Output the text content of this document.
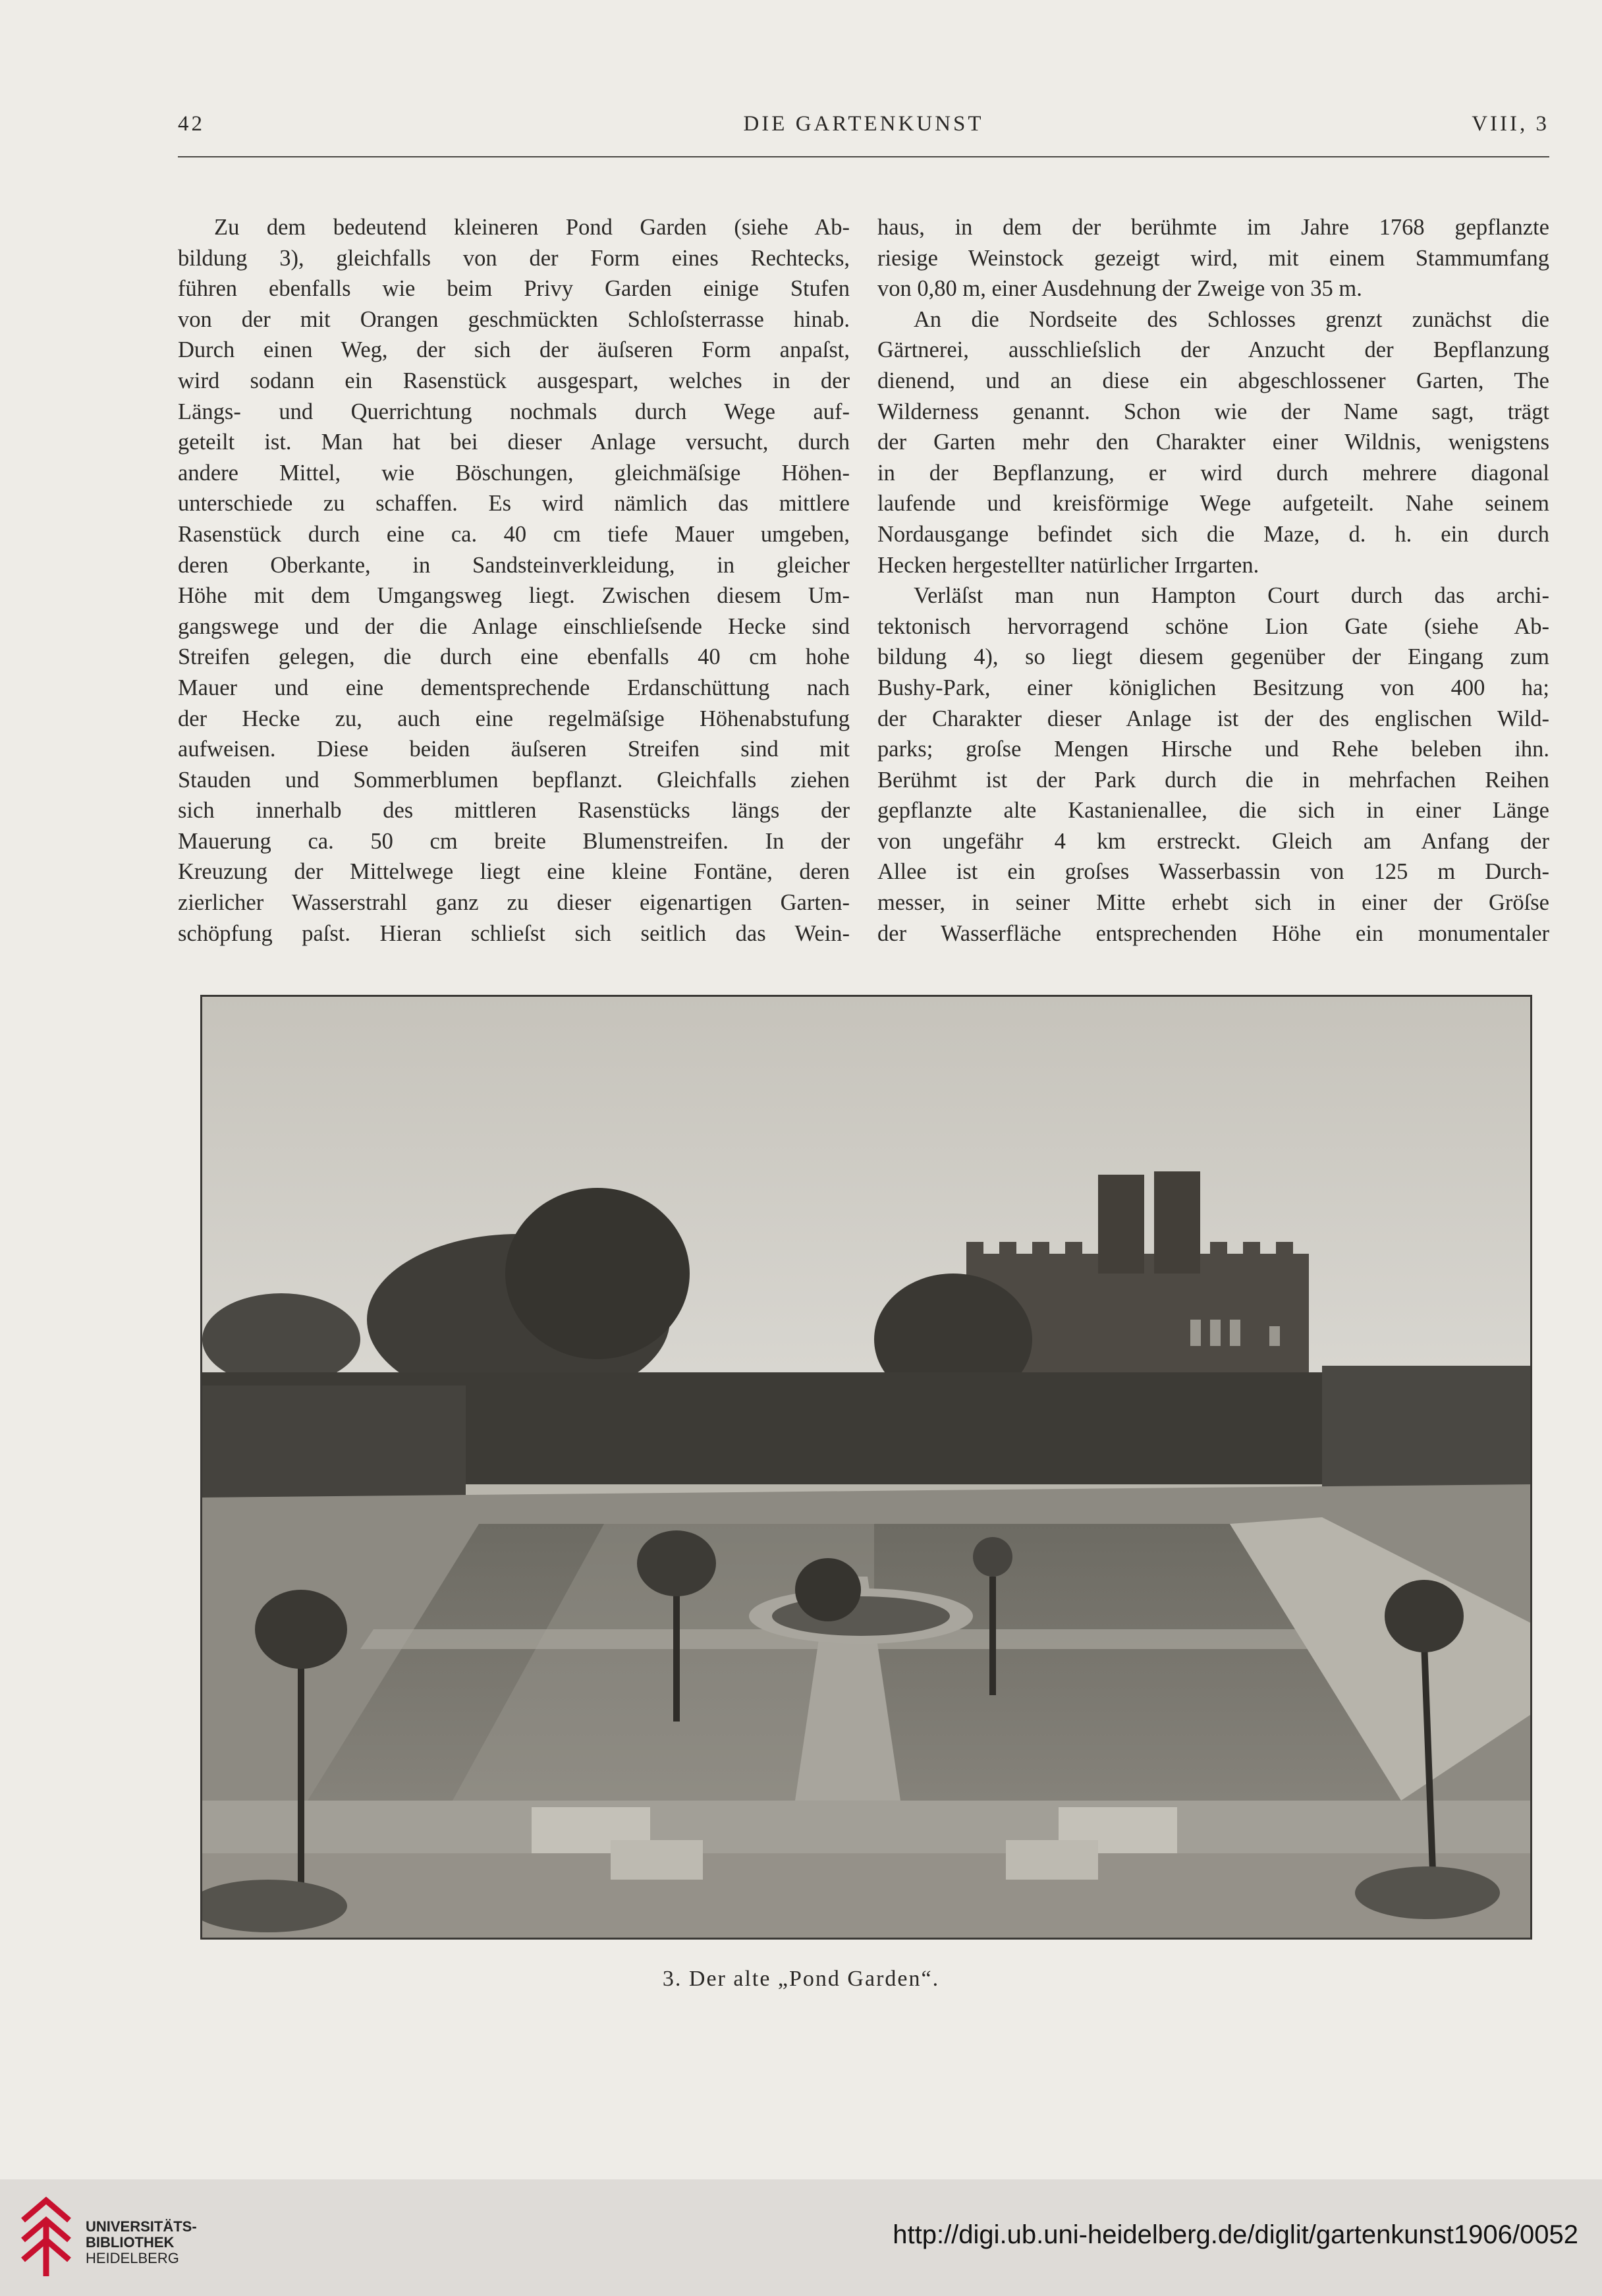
42	DIE GARTENKUNST	VIII, 3
Zu dem bedeutend kleineren Pond Garden (siehe Ab-
bildung 3), gleichfalls von der Form eines Rechtecks,
führen ebenfalls wie beim Privy Garden einige Stufen
von der mit Orangen geschmückten Schloſsterrasse hinab.
Durch einen Weg, der sich der äuſseren Form anpaſst,
wird sodann ein Rasenstück ausgespart, welches in der
Längs- und Querrichtung nochmals durch Wege auf-
geteilt ist. Man hat bei dieser Anlage versucht, durch
andere Mittel, wie Böschungen, gleichmäſsige Höhen-
unterschiede zu schaffen. Es wird nämlich das mittlere
Rasenstück durch eine ca. 40 cm tiefe Mauer umgeben,
deren Oberkante, in Sandsteinverkleidung, in gleicher
Höhe mit dem Umgangsweg liegt. Zwischen diesem Um-
gangswege und der die Anlage einschlieſsende Hecke sind
Streifen gelegen, die durch eine ebenfalls 40 cm hohe
Mauer und eine dementsprechende Erdanschüttung nach
der Hecke zu, auch eine regelmäſsige Höhenabstufung
aufweisen. Diese beiden äuſseren Streifen sind mit
Stauden und Sommerblumen bepflanzt. Gleichfalls ziehen
sich innerhalb des mittleren Rasenstücks längs der
Mauerung ca. 50 cm breite Blumenstreifen. In der
Kreuzung der Mittelwege liegt eine kleine Fontäne, deren
zierlicher Wasserstrahl ganz zu dieser eigenartigen Garten-
schöpfung paſst. Hieran schlieſst sich seitlich das Wein-
haus, in dem der berühmte im Jahre 1768 gepflanzte
riesige Weinstock gezeigt wird, mit einem Stammumfang
von 0,80 m, einer Ausdehnung der Zweige von 35 m.
An die Nordseite des Schlosses grenzt zunächst die
Gärtnerei, ausschlieſslich der Anzucht der Bepflanzung
dienend, und an diese ein abgeschlossener Garten, The
Wilderness genannt. Schon wie der Name sagt, trägt
der Garten mehr den Charakter einer Wildnis, wenigstens
in der Bepflanzung, er wird durch mehrere diagonal
laufende und kreisförmige Wege aufgeteilt. Nahe seinem
Nordausgange befindet sich die Maze, d. h. ein durch
Hecken hergestellter natürlicher Irrgarten.
Verläſst man nun Hampton Court durch das archi-
tektonisch hervorragend schöne Lion Gate (siehe Ab-
bildung 4), so liegt diesem gegenüber der Eingang zum
Bushy-Park, einer königlichen Besitzung von 400 ha;
der Charakter dieser Anlage ist der des englischen Wild-
parks; groſse Mengen Hirsche und Rehe beleben ihn.
Berühmt ist der Park durch die in mehrfachen Reihen
gepflanzte alte Kastanienallee, die sich in einer Länge
von ungefähr 4 km erstreckt. Gleich am Anfang der
Allee ist ein groſses Wasserbassin von 125 m Durch-
messer, in seiner Mitte erhebt sich in einer der Gröſse
der Wasserfläche entsprechenden Höhe ein monumentaler
3. Der alte „Pond Garden“.
UNIVERSITÄTS-
BIBLIOTHEK
HEIDELBERG
http://digi.ub.uni-heidelberg.de/diglit/gartenkunst1906/0052
